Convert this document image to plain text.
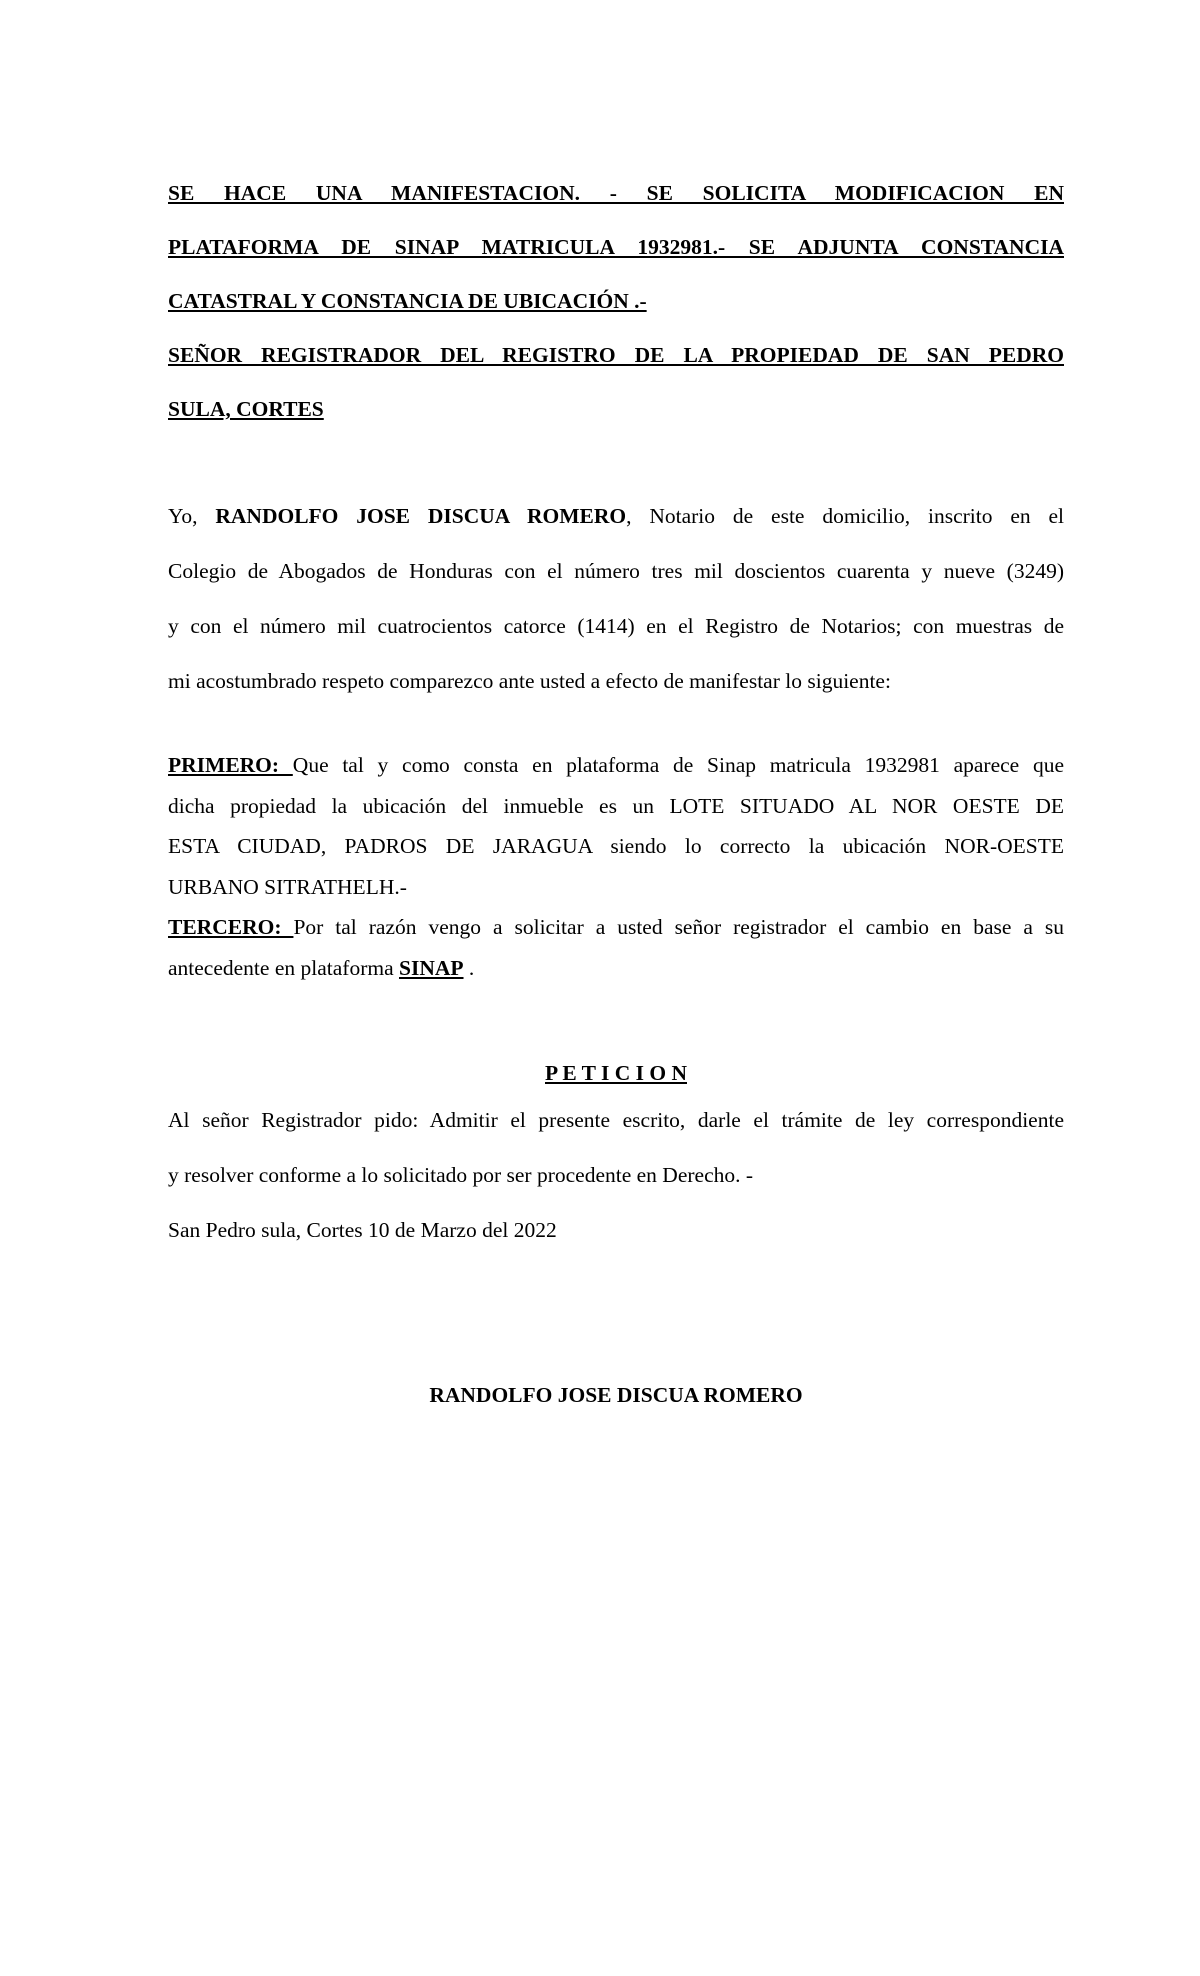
SE HACE UNA MANIFESTACION. - SE SOLICITA MODIFICACION EN

PLATAFORMA DE SINAP MATRICULA 1932981.- SE ADJUNTA CONSTANCIA

CATASTRAL Y CONSTANCIA DE UBICACIÓN .-

SEÑOR REGISTRADOR DEL REGISTRO DE LA PROPIEDAD DE SAN PEDRO

SULA, CORTES

Yo, RANDOLFO JOSE DISCUA ROMERO, Notario de este domicilio, inscrito en el
Colegio de Abogados de Honduras con el número tres mil doscientos cuarenta y nueve (3249)
y con el número mil cuatrocientos catorce (1414) en el Registro de Notarios; con muestras de
mi acostumbrado respeto comparezco ante usted a efecto de manifestar lo siguiente:
PRIMERO: Que tal y como consta en plataforma de Sinap matricula 1932981 aparece que
dicha propiedad la ubicación del inmueble es un LOTE SITUADO AL NOR OESTE DE
ESTA CIUDAD, PADROS DE JARAGUA siendo lo correcto la ubicación NOR-OESTE
URBANO SITRATHELH.-
TERCERO: Por tal razón vengo a solicitar a usted señor registrador el cambio en base a su
antecedente en plataforma SINAP .
P E T I C I O N
Al señor Registrador pido: Admitir el presente escrito, darle el trámite de ley correspondiente
y resolver conforme a lo solicitado por ser procedente en Derecho. -
San Pedro sula, Cortes 10 de Marzo del 2022
RANDOLFO JOSE DISCUA ROMERO
